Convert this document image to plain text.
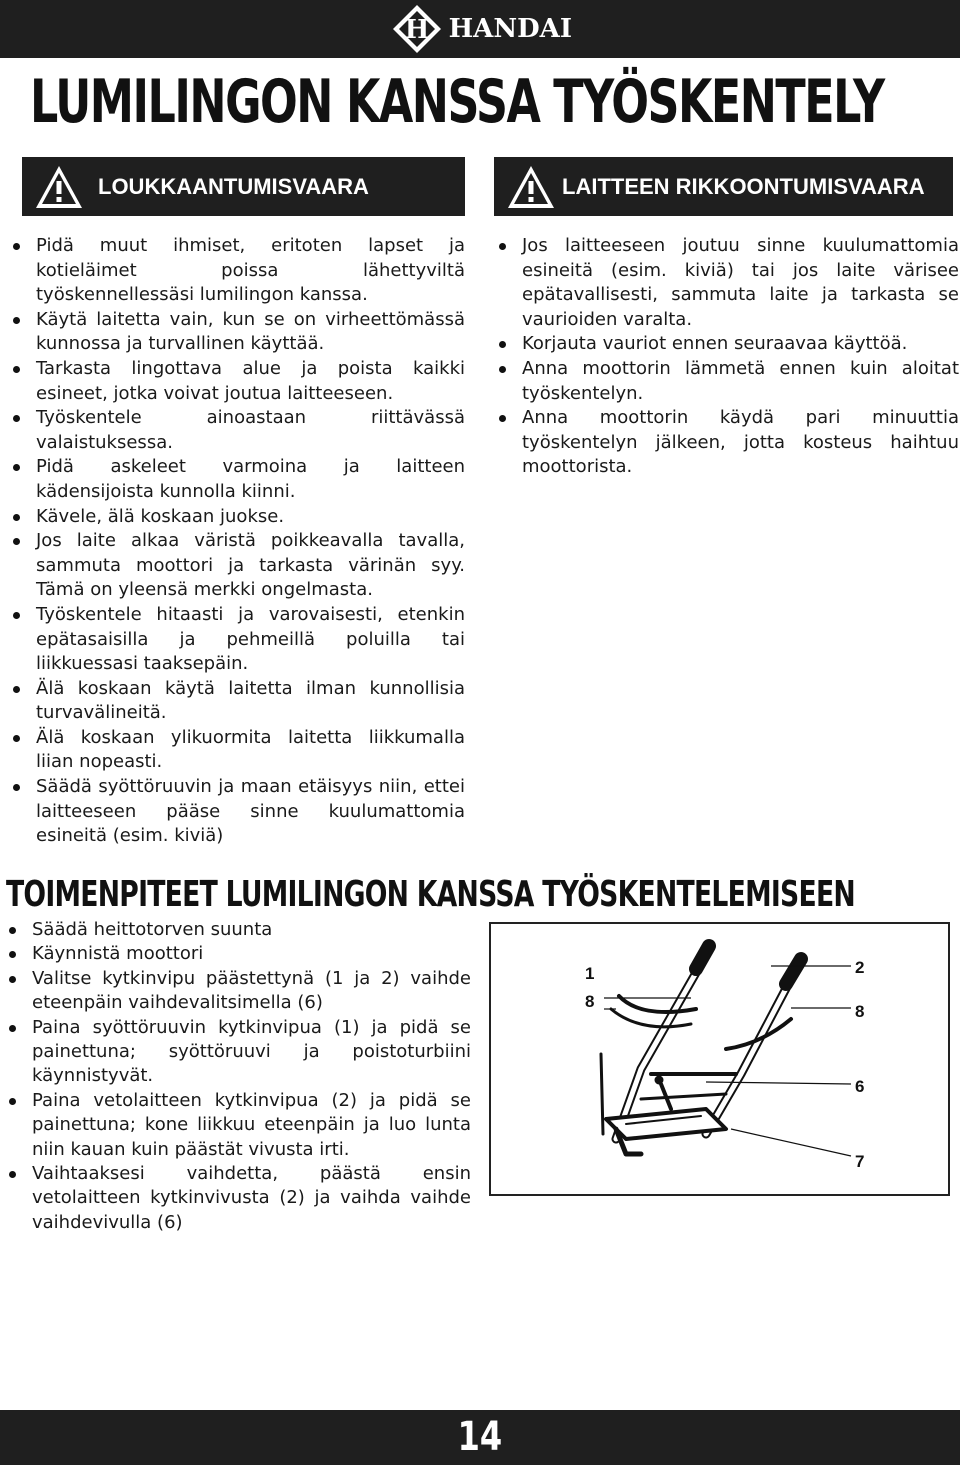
H HANDAI
LUMILINGON KANSSA TYÖSKENTELY
LOUKKAANTUMISVAARA	LAITTEEN RIKKOONTUMISVAARA
Pidä muut ihmiset, eritoten lapset ja kotieläimet poissa lähettyviltä työskennellessäsi lumilingon kanssa.
Käytä laitetta vain, kun se on virheettömässä kunnossa ja turvallinen käyttää.
Tarkasta lingottava alue ja poista kaikki esineet, jotka voivat joutua laitteeseen.
Työskentele ainoastaan riittävässä valaistuksessa.
Pidä askeleet varmoina ja laitteen kädensijoista kunnolla kiinni.
Kävele, älä koskaan juokse.
Jos laite alkaa väristä poikkeavalla tavalla, sammuta moottori ja tarkasta värinän syy. Tämä on yleensä merkki ongelmasta.
Työskentele hitaasti ja varovaisesti, etenkin epätasaisilla ja pehmeillä poluilla tai liikkuessasi taaksepäin.
Älä koskaan käytä laitetta ilman kunnollisia turvavälineitä.
Älä koskaan ylikuormita laitetta liikkumalla liian nopeasti.
Säädä syöttöruuvin ja maan etäisyys niin, ettei laitteeseen pääse sinne kuulumattomia esineitä (esim. kiviä)
Jos laitteeseen joutuu sinne kuulumattomia esineitä (esim. kiviä) tai jos laite värisee epätavallisesti, sammuta laite ja tarkasta se vaurioiden varalta.
Korjauta vauriot ennen seuraavaa käyttöä.
Anna moottorin lämmetä ennen kuin aloitat työskentelyn.
Anna moottorin käydä pari minuuttia työskentelyn jälkeen, jotta kosteus haihtuu moottorista.
TOIMENPITEET LUMILINGON KANSSA TYÖSKENTELEMISEEN
Säädä heittotorven suunta
Käynnistä moottori
Valitse kytkinvipu päästettynä (1 ja 2) vaihde eteenpäin vaihdevalitsimella (6)
Paina syöttöruuvin kytkinvipua (1) ja pidä se painettuna; syöttöruuvi ja poistoturbiini käynnistyvät.
Paina vetolaitteen kytkinvipua (2) ja pidä se painettuna; kone liikkuu eteenpäin ja luo lunta niin kauan kuin päästät vivusta irti.
Vaihtaaksesi vaihdetta, päästä ensin vetolaitteen kytkinvivusta (2) ja vaihda vaihde vaihdevivulla (6)
1
8
2
8
6
7
14
